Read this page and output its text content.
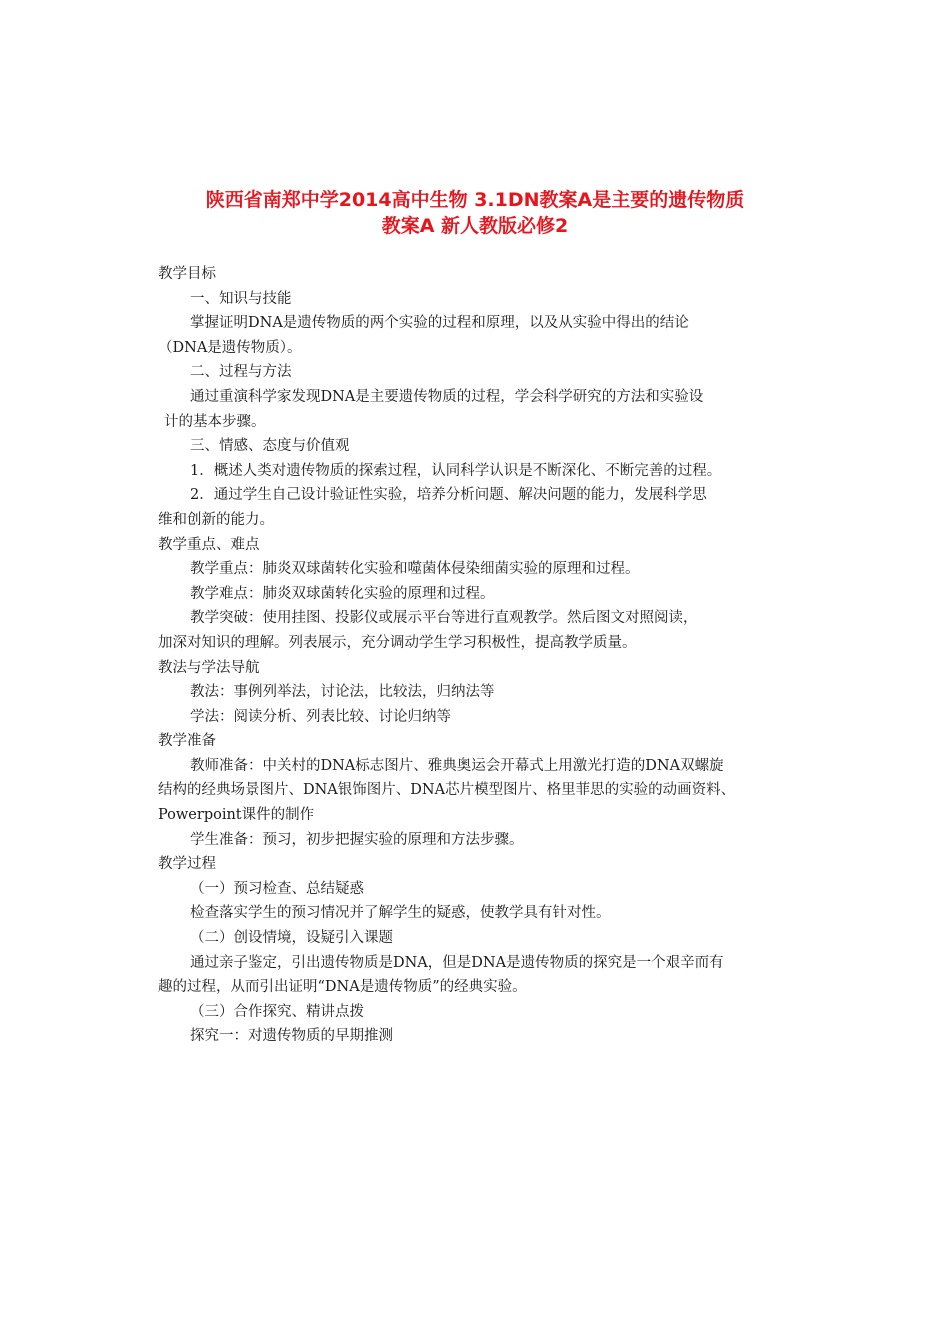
陕西省南郑中学2014高中生物 3.1DN教案A是主要的遗传物质
教案A 新人教版必修2
教学目标
一、知识与技能
掌握证明DNA是遗传物质的两个实验的过程和原理，以及从实验中得出的结论
（DNA是遗传物质）。
二、过程与方法
通过重演科学家发现DNA是主要遗传物质的过程，学会科学研究的方法和实验设
计的基本步骤。
三、情感、态度与价值观
1．概述人类对遗传物质的探索过程，认同科学认识是不断深化、不断完善的过程。
2．通过学生自己设计验证性实验，培养分析问题、解决问题的能力，发展科学思
维和创新的能力。
教学重点、难点
教学重点：肺炎双球菌转化实验和噬菌体侵染细菌实验的原理和过程。
教学难点：肺炎双球菌转化实验的原理和过程。
教学突破：使用挂图、投影仪或展示平台等进行直观教学。然后图文对照阅读，
加深对知识的理解。列表展示，充分调动学生学习积极性，提高教学质量。
教法与学法导航
教法：事例列举法，讨论法，比较法，归纳法等
学法：阅读分析、列表比较、讨论归纳等
教学准备
教师准备：中关村的DNA标志图片、雅典奥运会开幕式上用激光打造的DNA双螺旋
结构的经典场景图片、DNA银饰图片、DNA芯片模型图片、格里菲思的实验的动画资料、
Powerpoint课件的制作
学生准备：预习，初步把握实验的原理和方法步骤。
教学过程
（一）预习检查、总结疑惑
检查落实学生的预习情况并了解学生的疑惑，使教学具有针对性。
（二）创设情境，设疑引入课题
通过亲子鉴定，引出遗传物质是DNA，但是DNA是遗传物质的探究是一个艰辛而有
趣的过程，从而引出证明“DNA是遗传物质”的经典实验。
（三）合作探究、精讲点拨
探究一：对遗传物质的早期推测
